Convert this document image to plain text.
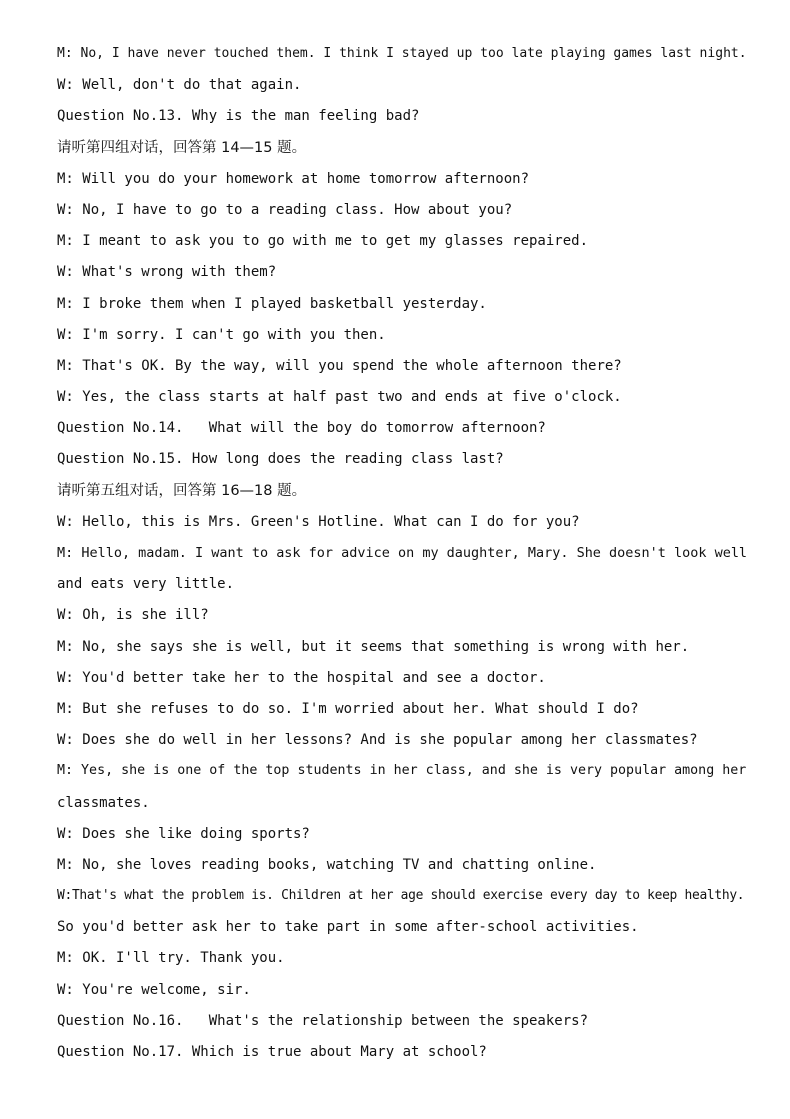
M: No, I have never touched them. I think I stayed up too late playing games last night.
W: Well, don't do that again.
Question No.13. Why is the man feeling bad?
请听第四组对话，回答第 14—15 题。
M: Will you do your homework at home tomorrow afternoon?
W: No, I have to go to a reading class. How about you?
M: I meant to ask you to go with me to get my glasses repaired.
W: What's wrong with them?
M: I broke them when I played basketball yesterday.
W: I'm sorry. I can't go with you then.
M: That's OK. By the way, will you spend the whole afternoon there?
W: Yes, the class starts at half past two and ends at five o'clock.
Question No.14.   What will the boy do tomorrow afternoon?
Question No.15. How long does the reading class last?
请听第五组对话，回答第 16—18 题。
W: Hello, this is Mrs. Green's Hotline. What can I do for you?
M: Hello, madam. I want to ask for advice on my daughter, Mary. She doesn't look well
and eats very little.
W: Oh, is she ill?
M: No, she says she is well, but it seems that something is wrong with her.
W: You'd better take her to the hospital and see a doctor.
M: But she refuses to do so. I'm worried about her. What should I do?
W: Does she do well in her lessons? And is she popular among her classmates?
M: Yes, she is one of the top students in her class, and she is very popular among her
classmates.
W: Does she like doing sports?
M: No, she loves reading books, watching TV and chatting online.
W:That's what the problem is. Children at her age should exercise every day to keep healthy.
So you'd better ask her to take part in some after-school activities.
M: OK. I'll try. Thank you.
W: You're welcome, sir.
Question No.16.   What's the relationship between the speakers?
Question No.17. Which is true about Mary at school?
